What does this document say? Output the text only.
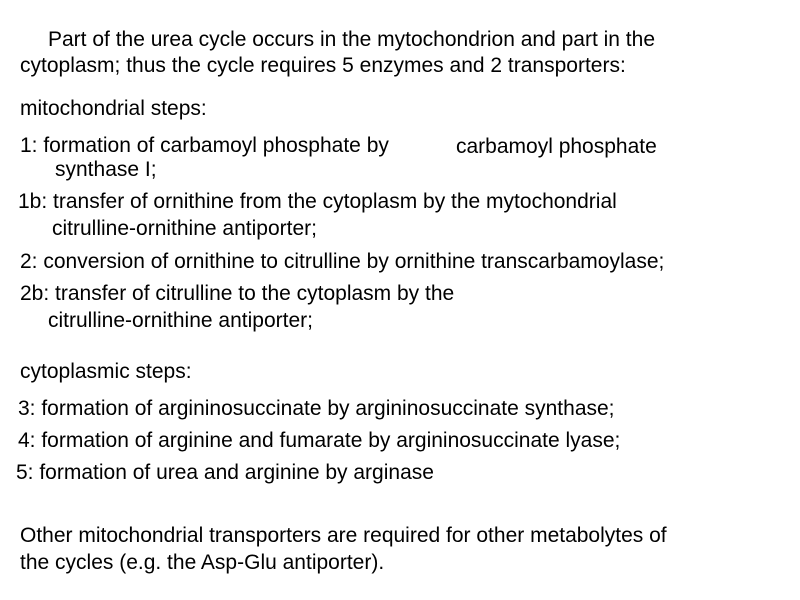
Part of the urea cycle occurs in the mytochondrion and part in the

cytoplasm; thus the cycle requires 5 enzymes and 2 transporters:

mitochondrial steps:

1: formation of carbamoyl phosphate by	carbamoyl phosphate

synthase I;

1b: transfer of ornithine from the cytoplasm by the mytochondrial

citrulline-ornithine antiporter;

2: conversion of ornithine to citrulline by ornithine transcarbamoylase;

2b: transfer of citrulline to the cytoplasm by the

citrulline-ornithine antiporter;

cytoplasmic steps:

3: formation of argininosuccinate by argininosuccinate synthase;

4: formation of arginine and fumarate by argininosuccinate lyase;

5: formation of urea and arginine by arginase

Other mitochondrial transporters are required for other metabolytes of

the cycles (e.g. the Asp-Glu antiporter).
